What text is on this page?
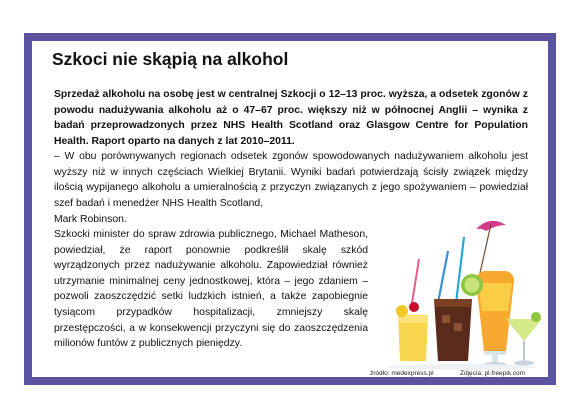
Szkoci nie skąpią na alkohol

Sprzedaż alkoholu na osobę jest w centralnej Szkocji o 12–13 proc. wyższa, a odsetek zgonów z powodu nadużywania alkoholu aż o 47–67 proc. większy niż w północnej Anglii – wynika z badań przeprowadzonych przez NHS Health Scotland oraz Glasgow Centre for Population Health. Raport oparto na danych z lat 2010–2011.

– W obu porównywanych regionach odsetek zgonów spowodowanych nadużywaniem alkoholu jest wyższy niż w innych częściach Wielkiej Brytanii. Wyniki badań potwierdzają ścisły związek między ilością wypijanego alkoholu a umieralnością z przyczyn związanych z jego spożywaniem – powiedział szef badań i menedżer NHS Health Scotland,
Mark Robinson.

Szkocki minister do spraw zdrowia publicznego, Michael Matheson, powiedział, że raport ponownie podkreślił skalę szkód wyrządzonych przez nadużywanie alkoholu. Zapowiedział również utrzymanie minimalnej ceny jednostkowej, która – jego zdaniem – pozwoli zaoszczędzić setki ludzkich istnień, a także zapobiegnie tysiącom przypadków hospitalizacji, zmniejszy skalę przestępczości, a w konsekwencji przyczyni się do zaoszczędzenia milionów funtów z publicznych pieniędzy.

źródło: medexpress.pl	Zdjęcia: pl.freepik.com
